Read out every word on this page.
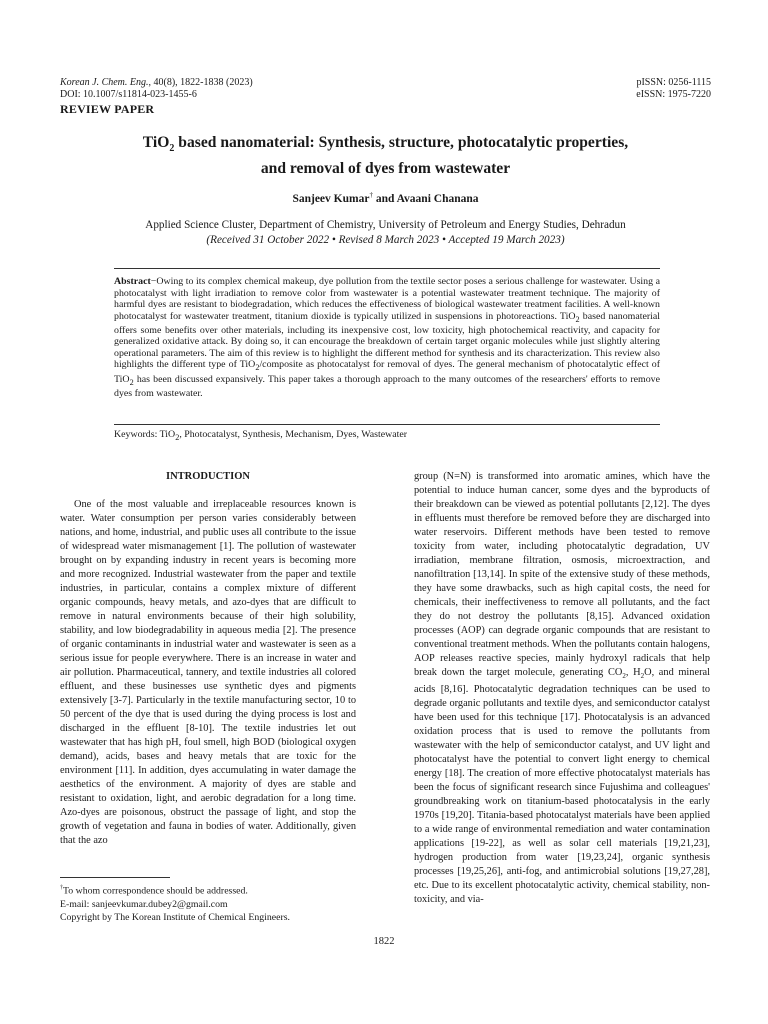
Korean J. Chem. Eng., 40(8), 1822-1838 (2023)
DOI: 10.1007/s11814-023-1455-6
pISSN: 0256-1115
eISSN: 1975-7220
REVIEW PAPER
TiO$_2$ based nanomaterial: Synthesis, structure, photocatalytic properties,
and removal of dyes from wastewater
Sanjeev Kumar† and Avaani Chanana
Applied Science Cluster, Department of Chemistry, University of Petroleum and Energy Studies, Dehradun
(Received 31 October 2022 • Revised 8 March 2023 • Accepted 19 March 2023)
Abstract−Owing to its complex chemical makeup, dye pollution from the textile sector poses a serious challenge for wastewater. Using a photocatalyst with light irradiation to remove color from wastewater is a potential wastewater treatment technique. The majority of harmful dyes are resistant to biodegradation, which reduces the effectiveness of biological wastewater treatment facilities. A well-known photocatalyst for wastewater treatment, titanium dioxide is typically utilized in suspensions in photoreactions. TiO$_2$ based nanomaterial offers some benefits over other materials, including its inexpensive cost, low toxicity, high photochemical reactivity, and capacity for generalized oxidative attack. By doing so, it can encourage the breakdown of certain target organic molecules while just slightly altering operational parameters. The aim of this review is to highlight the different method for synthesis and its characterization. This review also highlights the different type of TiO$_2$/composite as photocatalyst for removal of dyes. The general mechanism of photocatalytic effect of TiO$_2$ has been discussed expansively. This paper takes a thorough approach to the many outcomes of the researchers' efforts to remove dyes from wastewater.
Keywords: TiO$_2$, Photocatalyst, Synthesis, Mechanism, Dyes, Wastewater
INTRODUCTION

One of the most valuable and irreplaceable resources known is water. Water consumption per person varies considerably between nations, and home, industrial, and public uses all contribute to the issue of widespread water mismanagement [1]. The pollution of wastewater brought on by expanding industry in recent years is becoming more and more recognized. Industrial wastewater from the paper and textile industries, in particular, contains a complex mixture of different organic compounds, heavy metals, and azo-dyes that are difficult to remove in natural environments because of their high solubility, stability, and low biodegradability in aqueous media [2]. The presence of organic contaminants in industrial water and wastewater is seen as a serious issue for people everywhere. There is an increase in water and air pollution. Pharmaceutical, tannery, and textile industries all colored effluent, and these businesses use synthetic dyes and pigments extensively [3-7]. Particularly in the textile manufacturing sector, 10 to 50 percent of the dye that is used during the dying process is lost and discharged in the effluent [8-10]. The textile industries let out wastewater that has high pH, foul smell, high BOD (biological oxygen demand), acids, bases and heavy metals that are toxic for the environment [11]. In addition, dyes accumulating in water damage the aesthetics of the environment. A majority of dyes are stable and resistant to oxidation, light, and aerobic degradation for a long time. Azo-dyes are poisonous, obstruct the passage of light, and stop the growth of vegetation and fauna in bodies of water. Additionally, given that the azo

group (N=N) is transformed into aromatic amines, which have the potential to induce human cancer, some dyes and the byproducts of their breakdown can be viewed as potential pollutants [2,12]. The dyes in effluents must therefore be removed before they are discharged into water reservoirs. Different methods have been tested to remove toxicity from water, including photocatalytic degradation, UV irradiation, membrane filtration, osmosis, microextraction, and nanofiltration [13,14]. In spite of the extensive study of these methods, they have some drawbacks, such as high capital costs, the need for chemicals, their ineffectiveness to remove all pollutants, and the fact they do not destroy the pollutants [8,15]. Advanced oxidation processes (AOP) can degrade organic compounds that are resistant to conventional treatment methods. When the pollutants contain halogens, AOP releases reactive species, mainly hydroxyl radicals that help break down the target molecule, generating $CO_2$, $H_2O$, and mineral acids [8,16]. Photocatalytic degradation techniques can be used to degrade organic pollutants and textile dyes, and semiconductor catalyst have been used for this technique [17]. Photocatalysis is an advanced oxidation process that is used to remove the pollutants from wastewater with the help of semiconductor catalyst, and UV light and photocatalyst have the potential to convert light energy to chemical energy [18]. The creation of more effective photocatalyst materials has been the focus of significant research since Fujushima and colleagues' groundbreaking work on titanium-based photocatalysis in the early 1970s [19,20]. Titania-based photocatalyst materials have been applied to a wide range of environmental remediation and water contamination applications [19-22], as well as solar cell materials [19,21,23], hydrogen production from water [19,23,24], organic synthesis processes [19,25,26], anti-fog, and antimicrobial solutions [19,27,28], etc. Due to its excellent photocatalytic activity, chemical stability, non-toxicity, and via-

†To whom correspondence should be addressed.
E-mail: sanjeevkumar.dubey2@gmail.com
Copyright by The Korean Institute of Chemical Engineers.
1822
